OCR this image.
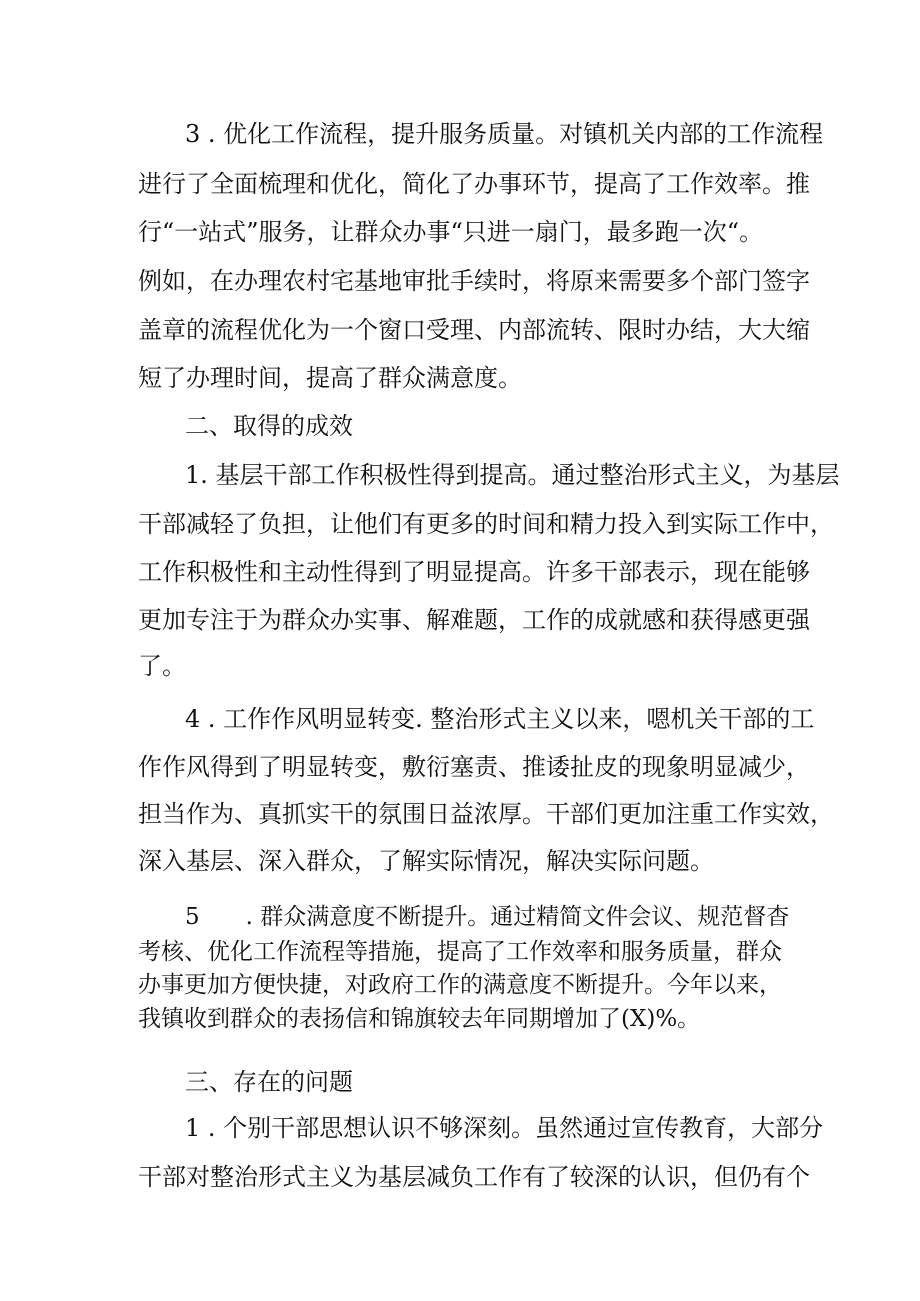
3 . 优化工作流程，提升服务质量。对镇机关内部的工作流程
进行了全面梳理和优化，简化了办事环节，提高了工作效率。推
行“一站式”服务，让群众办事“只进一扇门，最多跑一次“。
例如，在办理农村宅基地审批手续时，将原来需要多个部门签字
盖章的流程优化为一个窗口受理、内部流转、限时办结，大大缩
短了办理时间，提高了群众满意度。
二、取得的成效
1. 基层干部工作积极性得到提高。通过整治形式主义，为基层
干部减轻了负担，让他们有更多的时间和精力投入到实际工作中，
工作积极性和主动性得到了明显提高。许多干部表示，现在能够
更加专注于为群众办实事、解难题，工作的成就感和获得感更强
了。
4 . 工作作风明显转变. 整治形式主义以来，嗯机关干部的工
作作风得到了明显转变，敷衍塞责、推诿扯皮的现象明显减少，
担当作为、真抓实干的氛围日益浓厚。干部们更加注重工作实效，
深入基层、深入群众，了解实际情况，解决实际问题。
5　　. 群众满意度不断提升。通过精简文件会议、规范督杳
考核、优化工作流程等措施，提高了工作效率和服务质量，群众
办事更加方便快捷，对政府工作的满意度不断提升。今年以来，
我镇收到群众的表扬信和锦旗较去年同期增加了(X)%。
三、存在的问题
1 . 个别干部思想认识不够深刻。虽然通过宣传教育，大部分
干部对整治形式主义为基层减负工作有了较深的认识，但仍有个
